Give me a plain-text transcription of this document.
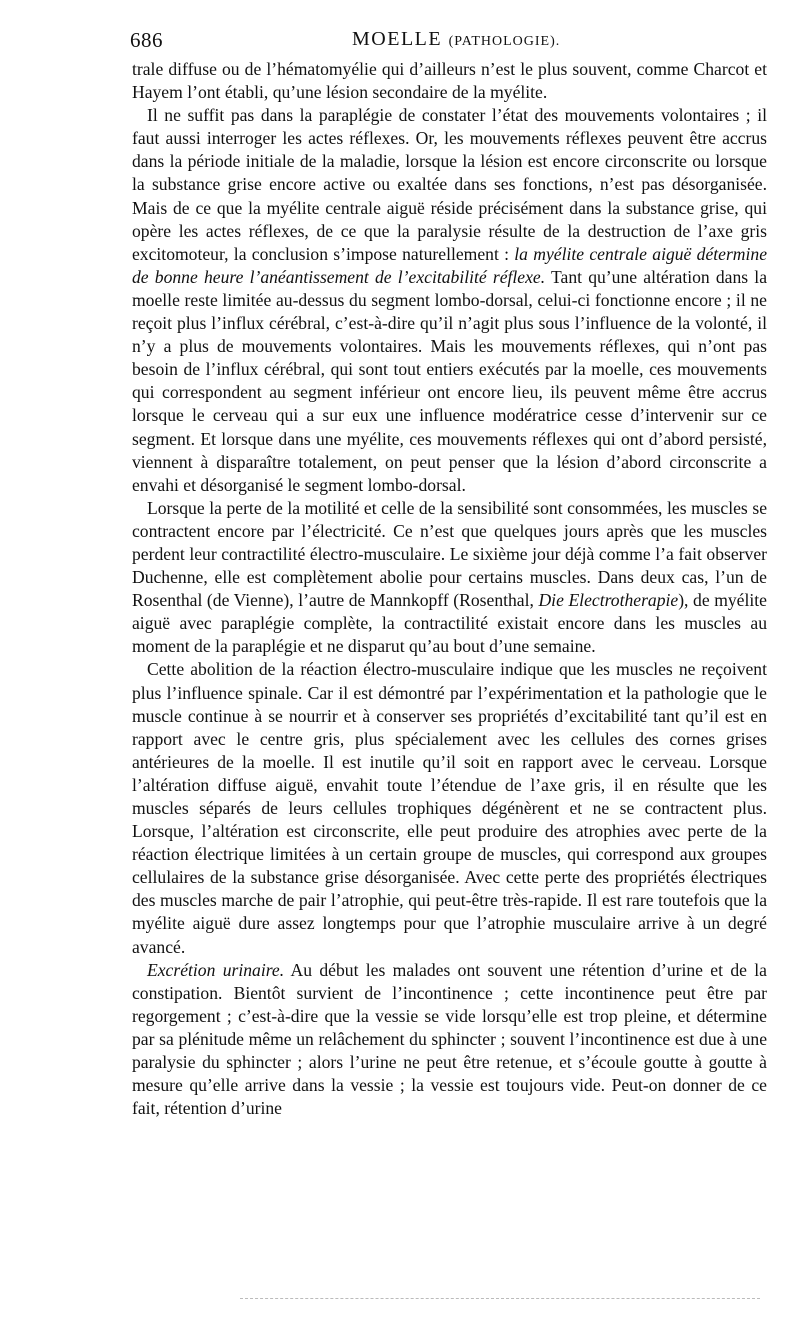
686	MOELLE (PATHOLOGIE).

trale diffuse ou de l’hématomyélie qui d’ailleurs n’est le plus souvent, comme Charcot et Hayem l’ont établi, qu’une lésion secondaire de la myélite.

Il ne suffit pas dans la paraplégie de constater l’état des mouvements volontaires ; il faut aussi interroger les actes réflexes. Or, les mouvements réflexes peuvent être accrus dans la période initiale de la maladie, lorsque la lésion est encore circonscrite ou lorsque la substance grise encore active ou exaltée dans ses fonctions, n’est pas désorganisée. Mais de ce que la myélite centrale aiguë réside précisément dans la substance grise, qui opère les actes réflexes, de ce que la paralysie résulte de la destruction de l’axe gris excitomoteur, la conclusion s’impose naturellement : la myélite centrale aiguë détermine de bonne heure l’anéantissement de l’excitabilité réflexe. Tant qu’une altération dans la moelle reste limitée au-dessus du segment lombo-dorsal, celui-ci fonctionne encore ; il ne reçoit plus l’influx cérébral, c’est-à-dire qu’il n’agit plus sous l’influence de la volonté, il n’y a plus de mouvements volontaires. Mais les mouvements réflexes, qui n’ont pas besoin de l’influx cérébral, qui sont tout entiers exécutés par la moelle, ces mouvements qui correspondent au segment inférieur ont encore lieu, ils peuvent même être accrus lorsque le cerveau qui a sur eux une influence modératrice cesse d’intervenir sur ce segment. Et lorsque dans une myélite, ces mouvements réflexes qui ont d’abord persisté, viennent à disparaître totalement, on peut penser que la lésion d’abord circonscrite a envahi et désorganisé le segment lombo-dorsal.

Lorsque la perte de la motilité et celle de la sensibilité sont consommées, les muscles se contractent encore par l’électricité. Ce n’est que quelques jours après que les muscles perdent leur contractilité électro-musculaire. Le sixième jour déjà comme l’a fait observer Duchenne, elle est complètement abolie pour certains muscles. Dans deux cas, l’un de Rosenthal (de Vienne), l’autre de Mannkopff (Rosenthal, Die Electrotherapie), de myélite aiguë avec paraplégie complète, la contractilité existait encore dans les muscles au moment de la paraplégie et ne disparut qu’au bout d’une semaine.

Cette abolition de la réaction électro-musculaire indique que les muscles ne reçoivent plus l’influence spinale. Car il est démontré par l’expérimentation et la pathologie que le muscle continue à se nourrir et à conserver ses propriétés d’excitabilité tant qu’il est en rapport avec le centre gris, plus spécialement avec les cellules des cornes grises antérieures de la moelle. Il est inutile qu’il soit en rapport avec le cerveau. Lorsque l’altération diffuse aiguë, envahit toute l’étendue de l’axe gris, il en résulte que les muscles séparés de leurs cellules trophiques dégénèrent et ne se contractent plus. Lorsque, l’altération est circonscrite, elle peut produire des atrophies avec perte de la réaction électrique limitées à un certain groupe de muscles, qui correspond aux groupes cellulaires de la substance grise désorganisée. Avec cette perte des propriétés électriques des muscles marche de pair l’atrophie, qui peut-être très-rapide. Il est rare toutefois que la myélite aiguë dure assez longtemps pour que l’atrophie musculaire arrive à un degré avancé.

Excrétion urinaire. Au début les malades ont souvent une rétention d’urine et de la constipation. Bientôt survient de l’incontinence ; cette incontinence peut être par regorgement ; c’est-à-dire que la vessie se vide lorsqu’elle est trop pleine, et détermine par sa plénitude même un relâchement du sphincter ; souvent l’incontinence est due à une paralysie du sphincter ; alors l’urine ne peut être retenue, et s’écoule goutte à goutte à mesure qu’elle arrive dans la vessie ; la vessie est toujours vide. Peut-on donner de ce fait, rétention d’urine
